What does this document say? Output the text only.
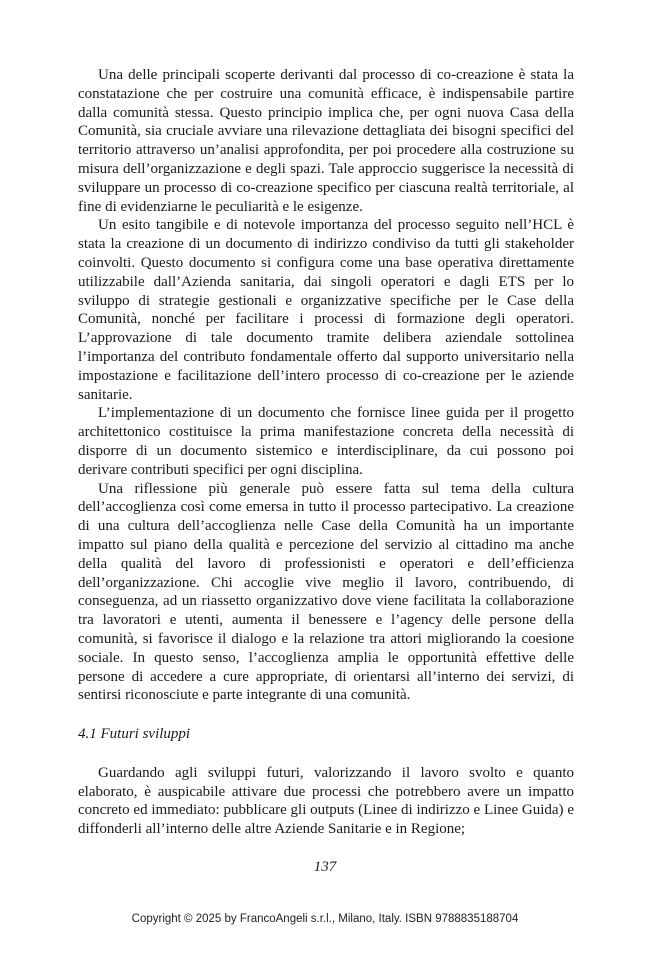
Una delle principali scoperte derivanti dal processo di co-creazione è stata la constatazione che per costruire una comunità efficace, è indispensabile partire dalla comunità stessa. Questo principio implica che, per ogni nuova Casa della Comunità, sia cruciale avviare una rilevazione dettagliata dei bisogni specifici del territorio attraverso un’analisi approfondita, per poi procedere alla costruzione su misura dell’organizzazione e degli spazi. Tale approccio suggerisce la necessità di sviluppare un processo di co-creazione specifico per ciascuna realtà territoriale, al fine di evidenziarne le peculiarità e le esigenze.

Un esito tangibile e di notevole importanza del processo seguito nell’HCL è stata la creazione di un documento di indirizzo condiviso da tutti gli stakeholder coinvolti. Questo documento si configura come una base operativa direttamente utilizzabile dall’Azienda sanitaria, dai singoli operatori e dagli ETS per lo sviluppo di strategie gestionali e organizzative specifiche per le Case della Comunità, nonché per facilitare i processi di formazione degli operatori. L’approvazione di tale documento tramite delibera aziendale sottolinea l’importanza del contributo fondamentale offerto dal supporto universitario nella impostazione e facilitazione dell’intero processo di co-creazione per le aziende sanitarie.

L’implementazione di un documento che fornisce linee guida per il progetto architettonico costituisce la prima manifestazione concreta della necessità di disporre di un documento sistemico e interdisciplinare, da cui possono poi derivare contributi specifici per ogni disciplina.

Una riflessione più generale può essere fatta sul tema della cultura dell’accoglienza così come emersa in tutto il processo partecipativo. La creazione di una cultura dell’accoglienza nelle Case della Comunità ha un importante impatto sul piano della qualità e percezione del servizio al cittadino ma anche della qualità del lavoro di professionisti e operatori e dell’efficienza dell’organizzazione. Chi accoglie vive meglio il lavoro, contribuendo, di conseguenza, ad un riassetto organizzativo dove viene facilitata la collaborazione tra lavoratori e utenti, aumenta il benessere e l’agency delle persone della comunità, si favorisce il dialogo e la relazione tra attori migliorando la coesione sociale. In questo senso, l’accoglienza amplia le opportunità effettive delle persone di accedere a cure appropriate, di orientarsi all’interno dei servizi, di sentirsi riconosciute e parte integrante di una comunità.

4.1 Futuri sviluppi

Guardando agli sviluppi futuri, valorizzando il lavoro svolto e quanto elaborato, è auspicabile attivare due processi che potrebbero avere un impatto concreto ed immediato: pubblicare gli outputs (Linee di indirizzo e Linee Guida) e diffonderli all’interno delle altre Aziende Sanitarie e in Regione;

137
Copyright © 2025 by FrancoAngeli s.r.l., Milano, Italy. ISBN 9788835188704
